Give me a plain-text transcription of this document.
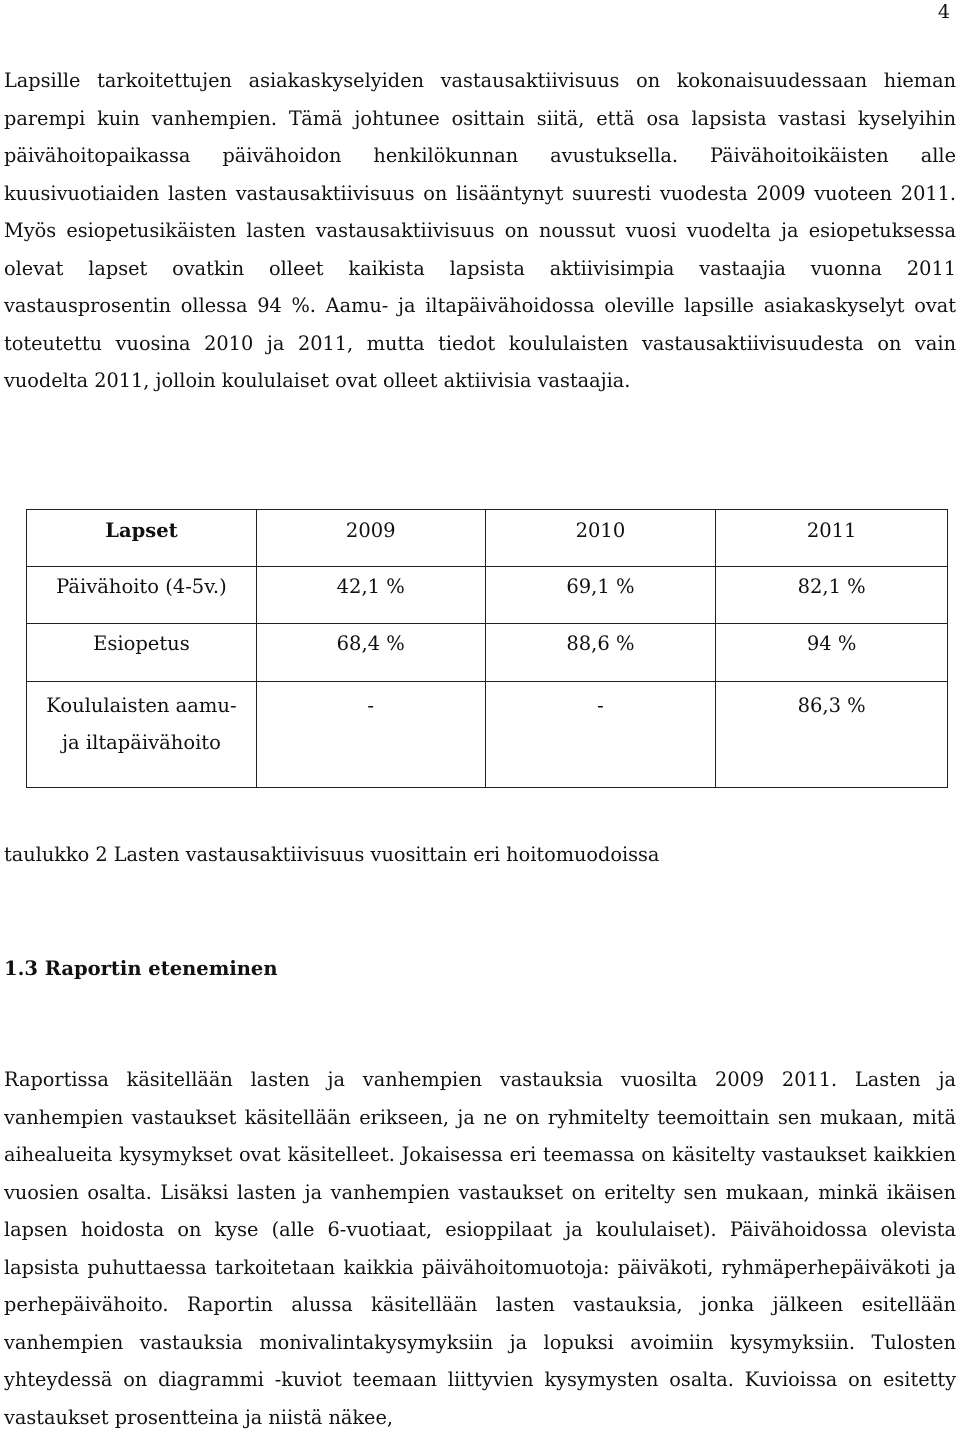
4

Lapsille tarkoitettujen asiakaskyselyiden vastausaktiivisuus on kokonaisuudessaan hieman parempi kuin vanhempien. Tämä johtunee osittain siitä, että osa lapsista vastasi kyselyihin päivähoitopaikassa päivähoidon henkilökunnan avustuksella. Päivähoitoikäisten alle kuusivuotiaiden lasten vastausaktiivisuus on lisääntynyt suuresti vuodesta 2009 vuoteen 2011. Myös esiopetusikäisten lasten vastausaktiivisuus on noussut vuosi vuodelta ja esiopetuksessa olevat lapset ovatkin olleet kaikista lapsista aktiivisimpia vastaajia vuonna 2011 vastausprosentin ollessa 94 %. Aamu- ja iltapäivähoidossa oleville lapsille asiakaskyselyt ovat toteutettu vuosina 2010 ja 2011, mutta tiedot koululaisten vastausaktiivisuudesta on vain vuodelta 2011, jolloin koululaiset ovat olleet aktiivisia vastaajia.

Lapset	2009	2010	2011
Päivähoito (4-5v.)	42,1 %	69,1 %	82,1 %
Esiopetus	68,4 %	88,6 %	94 %
Koululaisten aamu- ja iltapäivähoito	-	-	86,3 %
taulukko 2 Lasten vastausaktiivisuus vuosittain eri hoitomuodoissa
1.3 Raportin eteneminen

Raportissa käsitellään lasten ja vanhempien vastauksia vuosilta 2009 2011. Lasten ja vanhempien vastaukset käsitellään erikseen, ja ne on ryhmitelty teemoittain sen mukaan, mitä aihealueita kysymykset ovat käsitelleet. Jokaisessa eri teemassa on käsitelty vastaukset kaikkien vuosien osalta. Lisäksi lasten ja vanhempien vastaukset on eritelty sen mukaan, minkä ikäisen lapsen hoidosta on kyse (alle 6-vuotiaat, esioppilaat ja koululaiset). Päivähoidossa olevista lapsista puhuttaessa tarkoitetaan kaikkia päivähoitomuotoja: päiväkoti, ryhmäperhepäiväkoti ja perhepäivähoito. Raportin alussa käsitellään lasten vastauksia, jonka jälkeen esitellään vanhempien vastauksia monivalintakysymyksiin ja lopuksi avoimiin kysymyksiin. Tulosten yhteydessä on diagrammi -kuviot teemaan liittyvien kysymysten osalta. Kuvioissa on esitetty vastaukset prosentteina ja niistä näkee,
